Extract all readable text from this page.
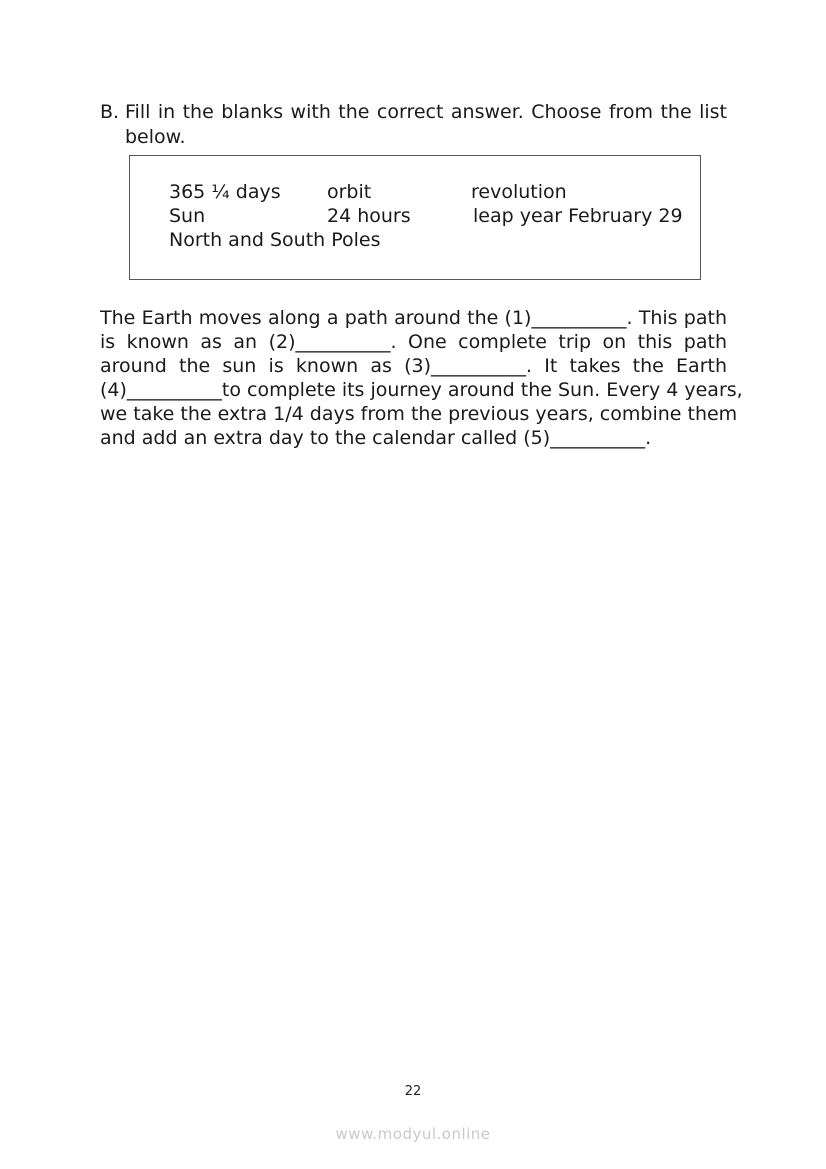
B. Fill in the blanks with the correct answer. Choose from the list below.
365 ¼ days orbit	revolution
Sun	24 hours	leap year February 29
North and South Poles
The Earth moves along a path around the (1)__________. This path
is known as an (2)__________. One complete trip on this path
around the sun is known as (3)__________. It takes the Earth
(4)__________to complete its journey around the Sun. Every 4 years,
we take the extra 1/4 days from the previous years, combine them
and add an extra day to the calendar called (5)__________.
22
www.modyul.online
